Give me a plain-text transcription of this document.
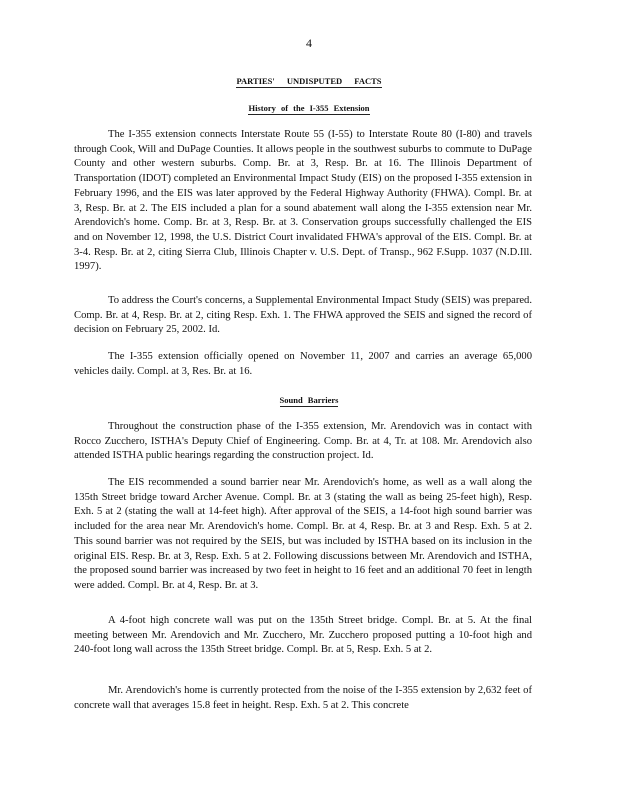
4
PARTIES' UNDISPUTED FACTS
History of the I-355 Extension

The I-355 extension connects Interstate Route 55 (I-55) to Interstate Route 80 (I-80) and travels through Cook, Will and DuPage Counties. It allows people in the southwest suburbs to commute to DuPage County and other western suburbs. Comp. Br. at 3, Resp. Br. at 16. The Illinois Department of Transportation (IDOT) completed an Environmental Impact Study (EIS) on the proposed I-355 extension in February 1996, and the EIS was later approved by the Federal Highway Authority (FHWA). Compl. Br. at 3, Resp. Br. at 2. The EIS included a plan for a sound abatement wall along the I-355 extension near Mr. Arendovich's home. Comp. Br. at 3, Resp. Br. at 3. Conservation groups successfully challenged the EIS and on November 12, 1998, the U.S. District Court invalidated FHWA's approval of the EIS. Compl. Br. at 3-4. Resp. Br. at 2, citing Sierra Club, Illinois Chapter v. U.S. Dept. of Transp., 962 F.Supp. 1037 (N.D.Ill. 1997).

To address the Court's concerns, a Supplemental Environmental Impact Study (SEIS) was prepared. Comp. Br. at 4, Resp. Br. at 2, citing Resp. Exh. 1. The FHWA approved the SEIS and signed the record of decision on February 25, 2002. Id.

The I-355 extension officially opened on November 11, 2007 and carries an average 65,000 vehicles daily. Compl. at 3, Res. Br. at 16.

Sound Barriers

Throughout the construction phase of the I-355 extension, Mr. Arendovich was in contact with Rocco Zucchero, ISTHA's Deputy Chief of Engineering. Comp. Br. at 4, Tr. at 108. Mr. Arendovich also attended ISTHA public hearings regarding the construction project. Id.

The EIS recommended a sound barrier near Mr. Arendovich's home, as well as a wall along the 135th Street bridge toward Archer Avenue. Compl. Br. at 3 (stating the wall as being 25-feet high), Resp. Exh. 5 at 2 (stating the wall at 14-feet high). After approval of the SEIS, a 14-foot high sound barrier was included for the area near Mr. Arendovich's home. Compl. Br. at 4, Resp. Br. at 3 and Resp. Exh. 5 at 2. This sound barrier was not required by the SEIS, but was included by ISTHA based on its inclusion in the original EIS. Resp. Br. at 3, Resp. Exh. 5 at 2. Following discussions between Mr. Arendovich and ISTHA, the proposed sound barrier was increased by two feet in height to 16 feet and an additional 70 feet in length were added. Compl. Br. at 4, Resp. Br. at 3.

A 4-foot high concrete wall was put on the 135th Street bridge. Compl. Br. at 5. At the final meeting between Mr. Arendovich and Mr. Zucchero, Mr. Zucchero proposed putting a 10-foot high and 240-foot long wall across the 135th Street bridge. Compl. Br. at 5, Resp. Exh. 5 at 2.

Mr. Arendovich's home is currently protected from the noise of the I-355 extension by 2,632 feet of concrete wall that averages 15.8 feet in height. Resp. Exh. 5 at 2. This concrete
